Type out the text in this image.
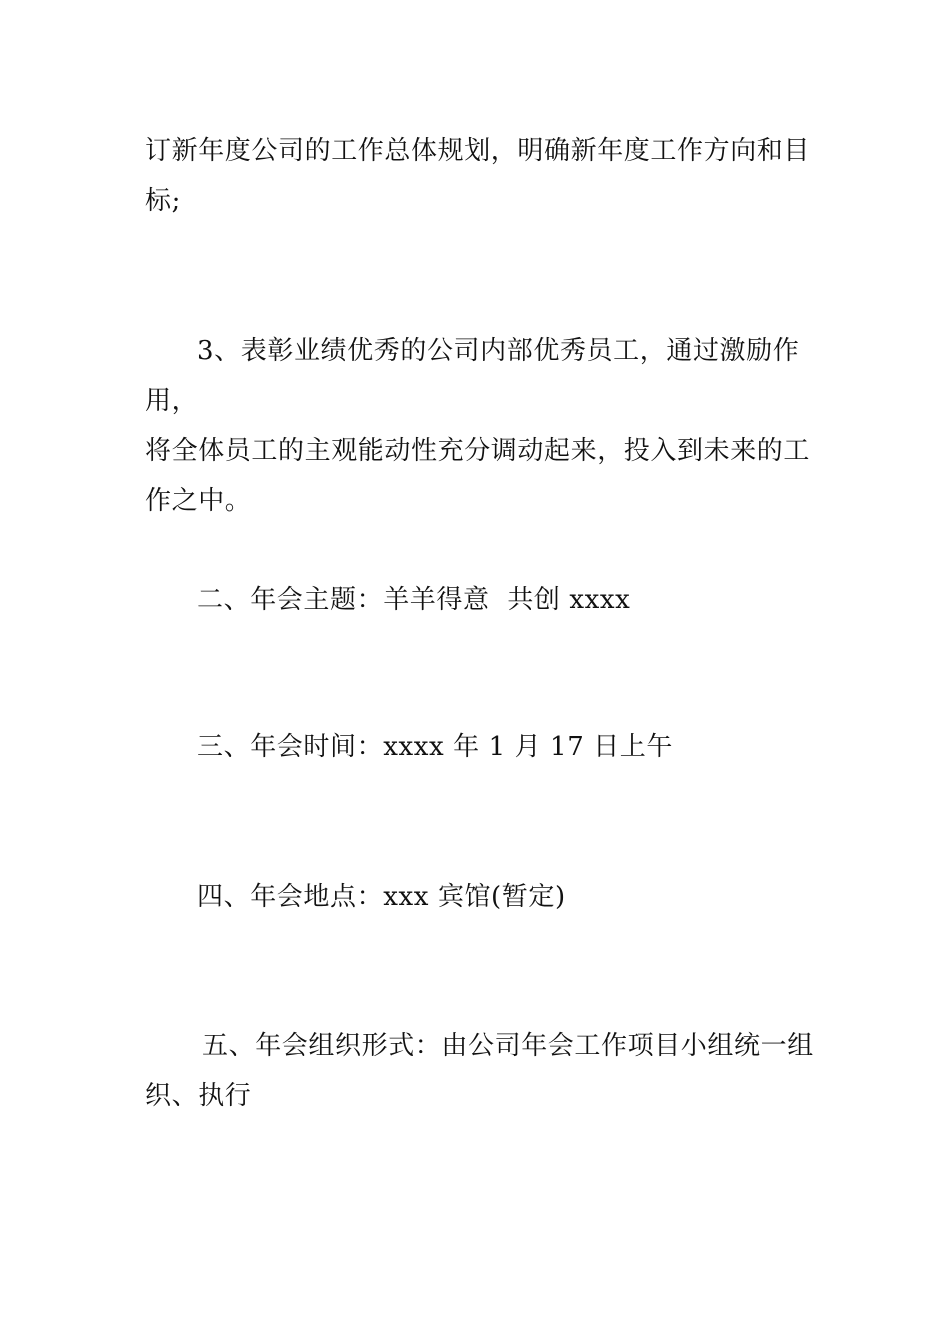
订新年度公司的工作总体规划，明确新年度工作方向和目
标;

3、表彰业绩优秀的公司内部优秀员工，通过激励作用，
将全体员工的主观能动性充分调动起来，投入到未来的工
作之中。

二、年会主题：羊羊得意  共创 xxxx

三、年会时间：xxxx 年 1 月 17 日上午

四、年会地点：xxx 宾馆(暂定)

五、年会组织形式：由公司年会工作项目小组统一组
织、执行
